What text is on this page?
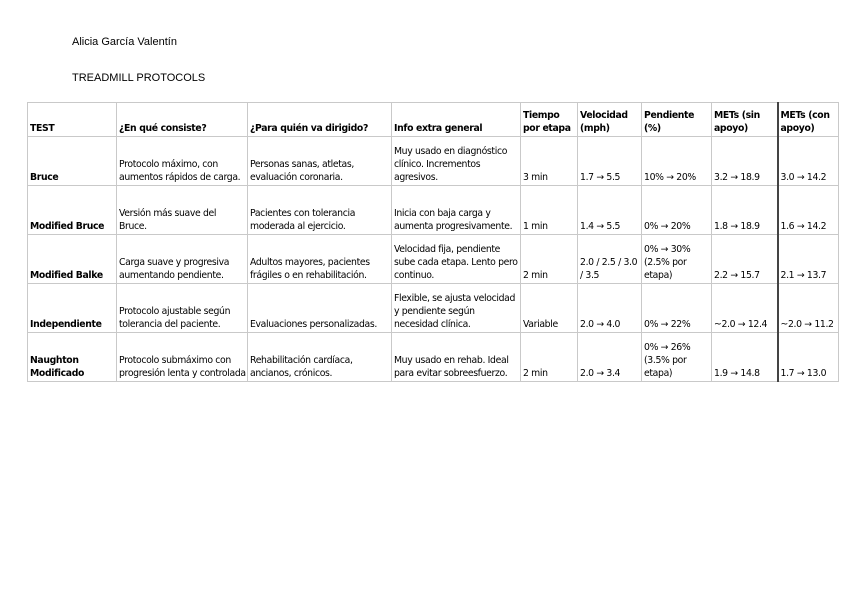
Alicia García Valentín
TREADMILL PROTOCOLS
TEST	¿En qué consiste?	¿Para quién va dirigido?	Info extra general	Tiempo por etapa	Velocidad (mph)	Pendiente (%)	METs (sin apoyo)	METs (con apoyo)
Bruce	Protocolo máximo, con aumentos rápidos de carga.	Personas sanas, atletas, evaluación coronaria.	Muy usado en diagnóstico clínico. Incrementos agresivos.	3 min	1.7 → 5.5	10% → 20%	3.2 → 18.9	3.0 → 14.2
Modified Bruce	Versión más suave del Bruce.	Pacientes con tolerancia moderada al ejercicio.	Inicia con baja carga y aumenta progresivamente.	1 min	1.4 → 5.5	0% → 20%	1.8 → 18.9	1.6 → 14.2
Modified Balke	Carga suave y progresiva aumentando pendiente.	Adultos mayores, pacientes frágiles o en rehabilitación.	Velocidad fija, pendiente sube cada etapa. Lento pero continuo.	2 min	2.0 / 2.5 / 3.0 / 3.5	0% → 30% (2.5% por etapa)	2.2 → 15.7	2.1 → 13.7
Independiente	Protocolo ajustable según tolerancia del paciente.	Evaluaciones personalizadas.	Flexible, se ajusta velocidad y pendiente según necesidad clínica.	Variable	2.0 → 4.0	0% → 22%	~2.0 → 12.4	~2.0 → 11.2
Naughton Modificado	Protocolo submáximo con progresión lenta y controlada	Rehabilitación cardíaca, ancianos, crónicos.	Muy usado en rehab. Ideal para evitar sobreesfuerzo.	2 min	2.0 → 3.4	0% → 26% (3.5% por etapa)	1.9 → 14.8	1.7 → 13.0
